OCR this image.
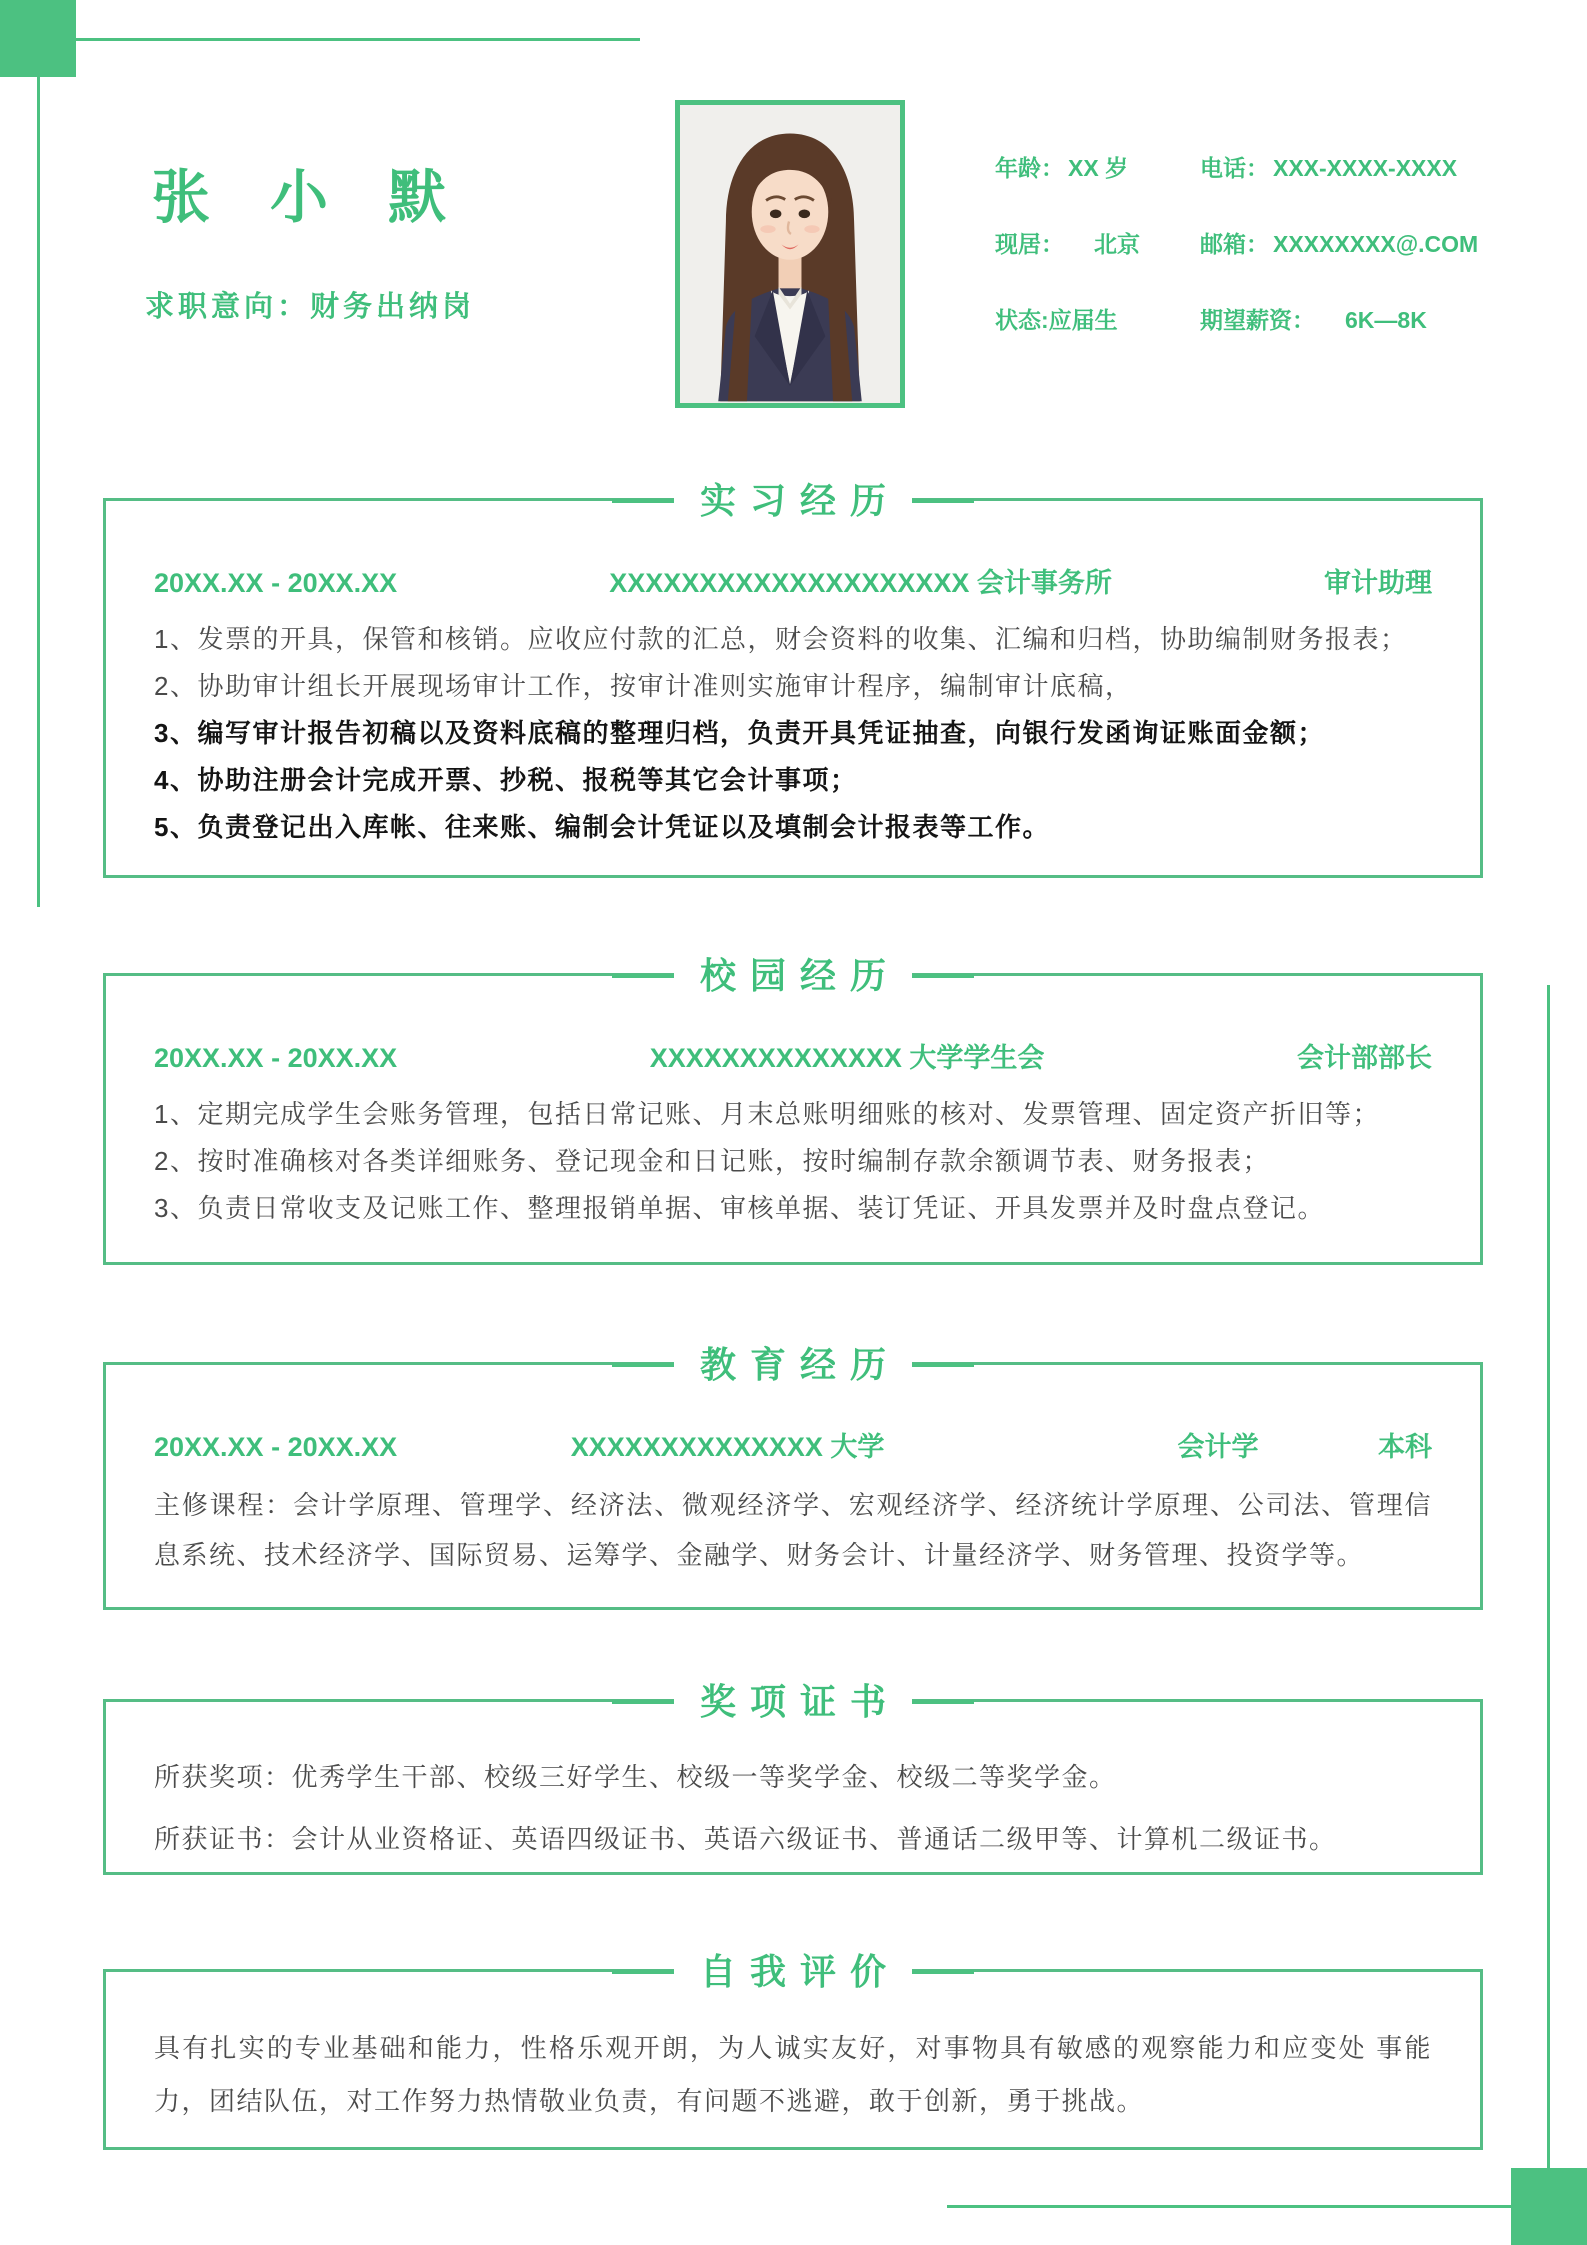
张 小 默
求职意向：财务出纳岗
年龄： XX 岁	电话： XXX-XXXX-XXXX
现居： 北京	邮箱： XXXXXXXX@.COM
状态:应届生	期望薪资： 6K—8K
实习经历
20XX.XX - 20XX.XX	XXXXXXXXXXXXXXXXXXXX 会计事务所	审计助理
1、发票的开具，保管和核销。应收应付款的汇总，财会资料的收集、汇编和归档，协助编制财务报表；
2、协助审计组长开展现场审计工作，按审计准则实施审计程序，编制审计底稿，
3、编写审计报告初稿以及资料底稿的整理归档，负责开具凭证抽查，向银行发函询证账面金额；
4、协助注册会计完成开票、抄税、报税等其它会计事项；
5、负责登记出入库帐、往来账、编制会计凭证以及填制会计报表等工作。
校园经历
20XX.XX - 20XX.XX	XXXXXXXXXXXXXX 大学学生会	会计部部长
1、定期完成学生会账务管理，包括日常记账、月末总账明细账的核对、发票管理、固定资产折旧等；
2、按时准确核对各类详细账务、登记现金和日记账，按时编制存款余额调节表、财务报表；
3、负责日常收支及记账工作、整理报销单据、审核单据、装订凭证、开具发票并及时盘点登记。
教育经历
20XX.XX - 20XX.XX	XXXXXXXXXXXXXX 大学	会计学	本科
主修课程：会计学原理、管理学、经济法、微观经济学、宏观经济学、经济统计学原理、公司法、管理信息系统、技术经济学、国际贸易、运筹学、金融学、财务会计、计量经济学、财务管理、投资学等。
奖项证书
所获奖项：优秀学生干部、校级三好学生、校级一等奖学金、校级二等奖学金。
所获证书：会计从业资格证、英语四级证书、英语六级证书、普通话二级甲等、计算机二级证书。
自我评价
具有扎实的专业基础和能力，性格乐观开朗，为人诚实友好，对事物具有敏感的观察能力和应变处 事能力，团结队伍，对工作努力热情敬业负责，有问题不逃避，敢于创新，勇于挑战。
